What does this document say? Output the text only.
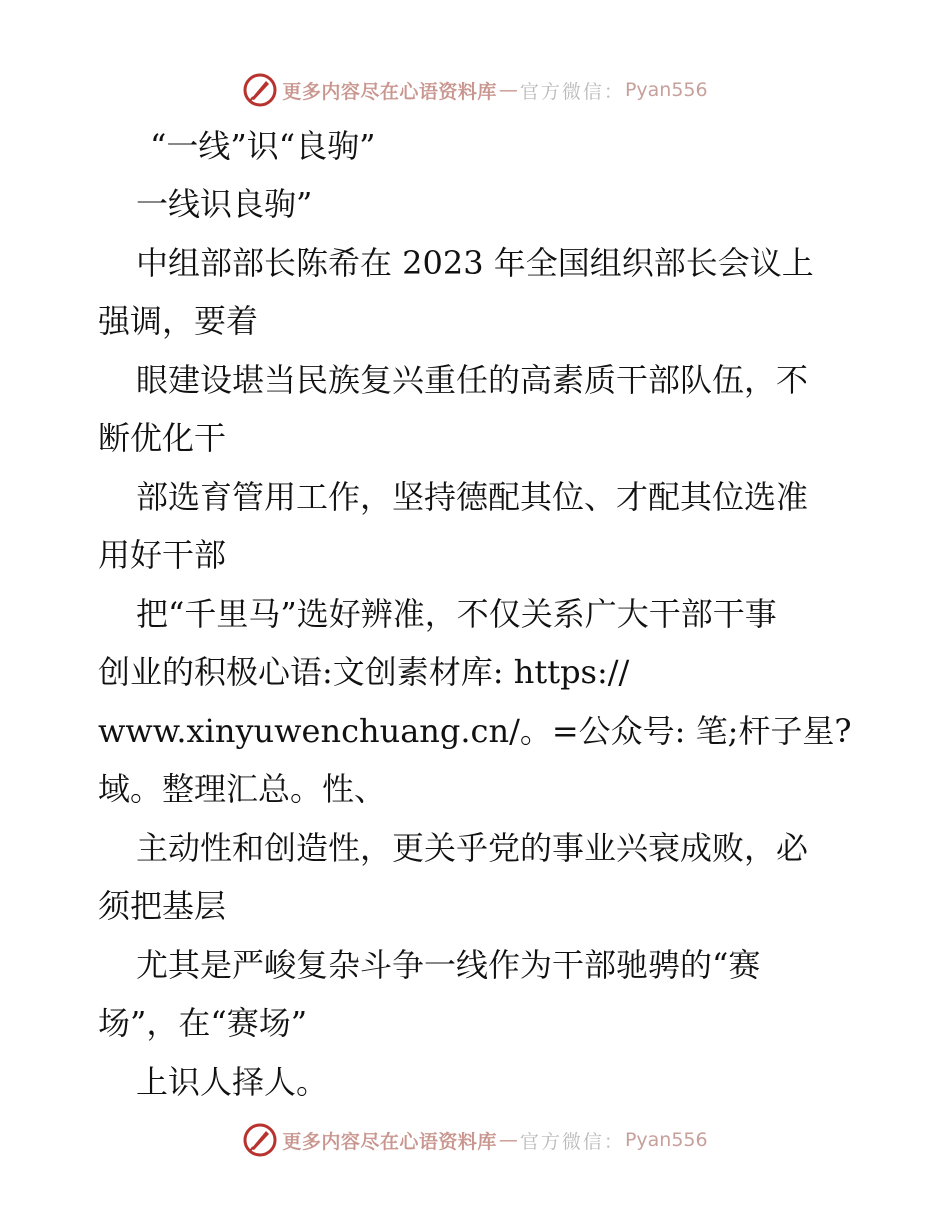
更多内容尽在心语资料库 — 官方微信： Pyan556
“一线”识“良驹”
一线识良驹”
中组部部长陈希在 2023 年全国组织部长会议上
强调，要着
眼建设堪当民族复兴重任的高素质干部队伍，不
断优化干
部选育管用工作，坚持德配其位、才配其位选准
用好干部
把“千里马”选好辨准，不仅关系广大干部干事
创业的积极心语:文创素材库: https://
www.xinyuwenchuang.cn/。=公众号: 笔;杆子星?
域。整理汇总。性、
主动性和创造性，更关乎党的事业兴衰成败，必
须把基层
尤其是严峻复杂斗争一线作为干部驰骋的“赛
场”，在“赛场”
上识人择人。
更多内容尽在心语资料库 — 官方微信： Pyan556
